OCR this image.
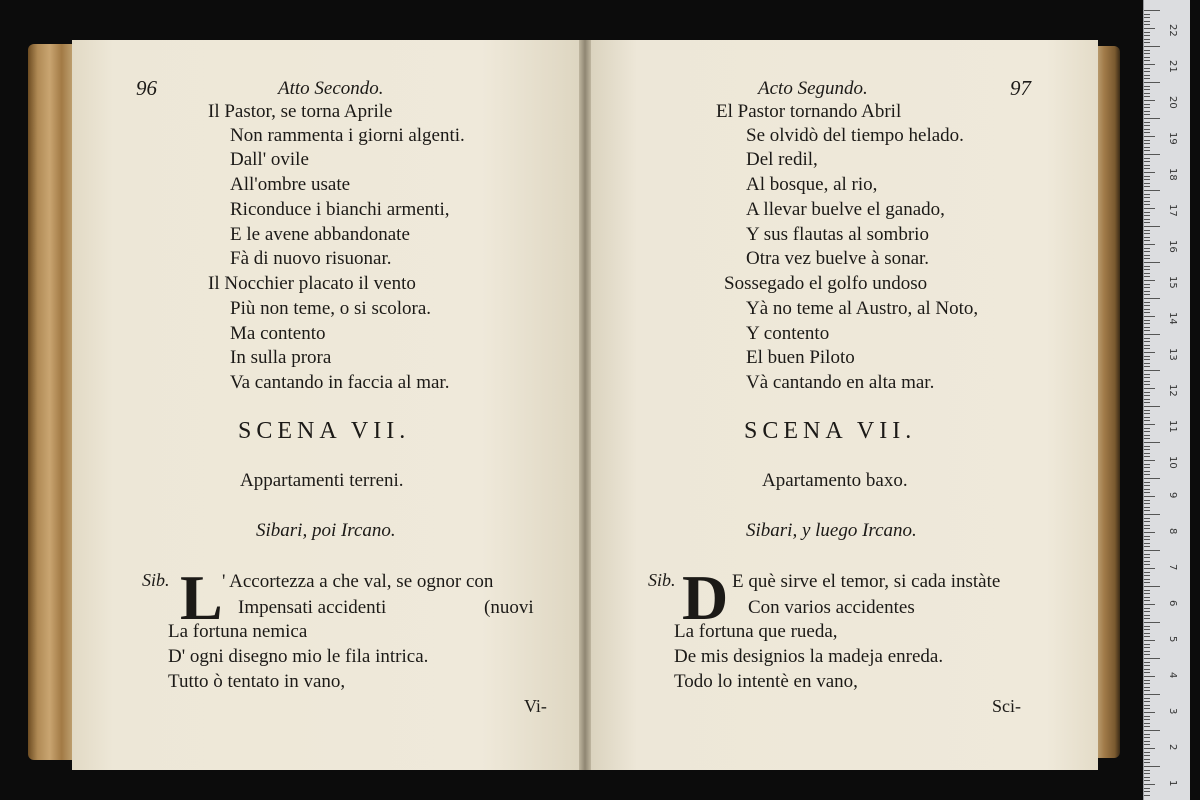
96	Atto Secondo.
Il Pastor, se torna Aprile
Non rammenta i giorni algenti.
Dall' ovile
All'ombre usate
Riconduce i bianchi armenti,
E le avene abbandonate
Fà di nuovo risuonar.
Il Nocchier placato il vento
Più non teme, o si scolora.
Ma contento
In sulla prora
Va cantando in faccia al mar.
SCENA VII.
Appartamenti terreni.
Sibari, poi Ircano.
Sib. L ' Accortezza a che val, se ognor con
Impensati accidenti	(nuovi
La fortuna nemica
D' ogni disegno mio le fila intrica.
Tutto ò tentato in vano,
Vi-
Acto Segundo.	97
El Pastor tornando Abril
Se olvidò del tiempo helado.
Del redil,
Al bosque, al rio,
A llevar buelve el ganado,
Y sus flautas al sombrio
Otra vez buelve à sonar.
Sossegado el golfo undoso
Yà no teme al Austro, al Noto,
Y contento
El buen Piloto
Và cantando en alta mar.
SCENA VII.
Apartamento baxo.
Sibari, y luego Ircano.
Sib. D E què sirve el temor, si cada instàte
Con varios accidentes
La fortuna que rueda,
De mis designios la madeja enreda.
Todo lo intentè en vano,
Sci-
22
21
20
19
18
17
16
15
14
13
12
11
10
9
8
7
6
5
4
3
2
1
